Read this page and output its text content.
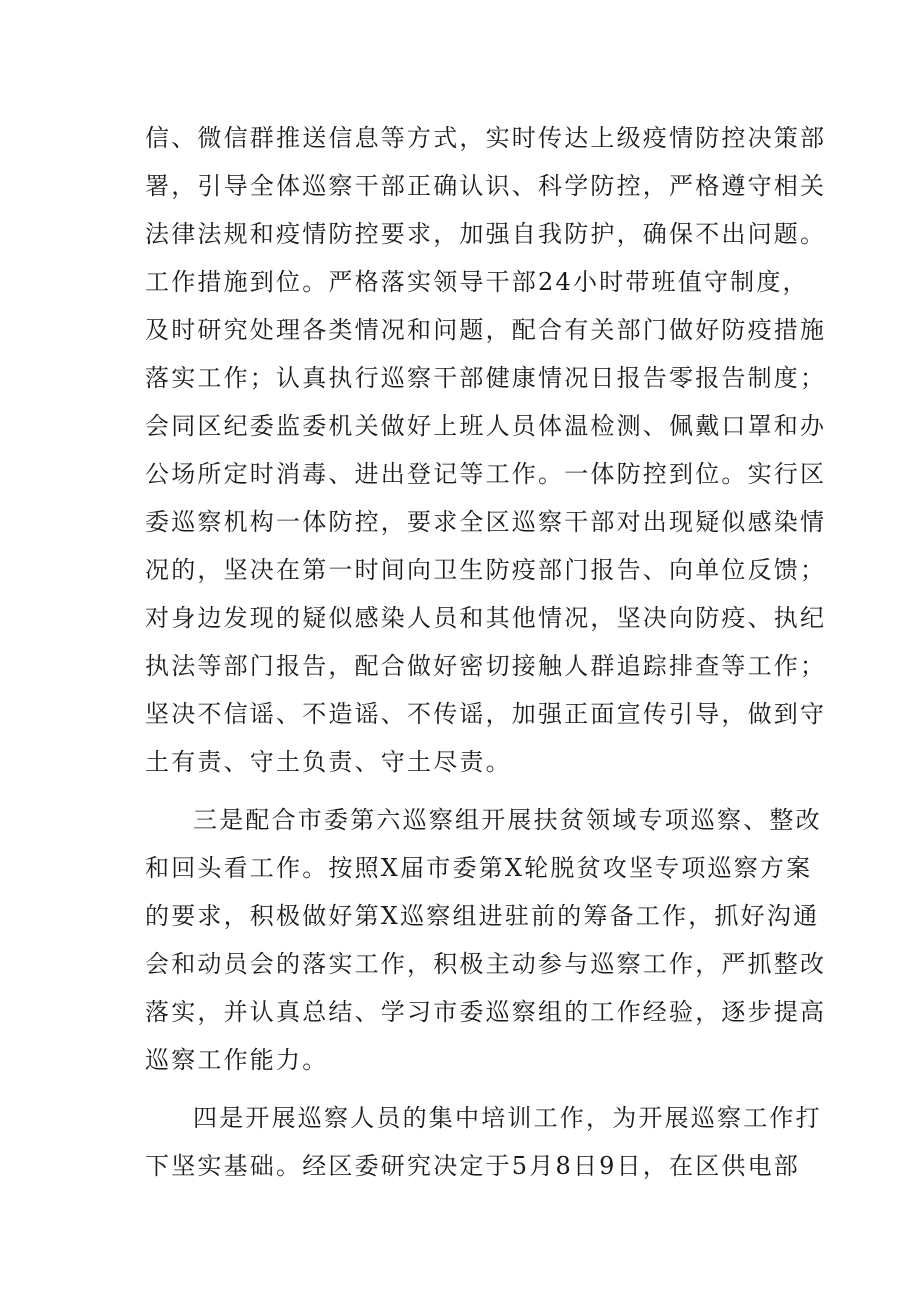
信、微信群推送信息等方式，实时传达上级疫情防控决策部
署，引导全体巡察干部正确认识、科学防控，严格遵守相关
法律法规和疫情防控要求，加强自我防护，确保不出问题。
工作措施到位。严格落实领导干部24小时带班值守制度，
及时研究处理各类情况和问题，配合有关部门做好防疫措施
落实工作；认真执行巡察干部健康情况日报告零报告制度；
会同区纪委监委机关做好上班人员体温检测、佩戴口罩和办
公场所定时消毒、进出登记等工作。一体防控到位。实行区
委巡察机构一体防控，要求全区巡察干部对出现疑似感染情
况的，坚决在第一时间向卫生防疫部门报告、向单位反馈；
对身边发现的疑似感染人员和其他情况，坚决向防疫、执纪
执法等部门报告，配合做好密切接触人群追踪排查等工作；
坚决不信谣、不造谣、不传谣，加强正面宣传引导，做到守
土有责、守土负责、守土尽责。
三是配合市委第六巡察组开展扶贫领域专项巡察、整改
和回头看工作。按照X届市委第X轮脱贫攻坚专项巡察方案
的要求，积极做好第X巡察组进驻前的筹备工作，抓好沟通
会和动员会的落实工作，积极主动参与巡察工作，严抓整改
落实，并认真总结、学习市委巡察组的工作经验，逐步提高
巡察工作能力。
四是开展巡察人员的集中培训工作，为开展巡察工作打
下坚实基础。经区委研究决定于5月8日9日，在区供电部
